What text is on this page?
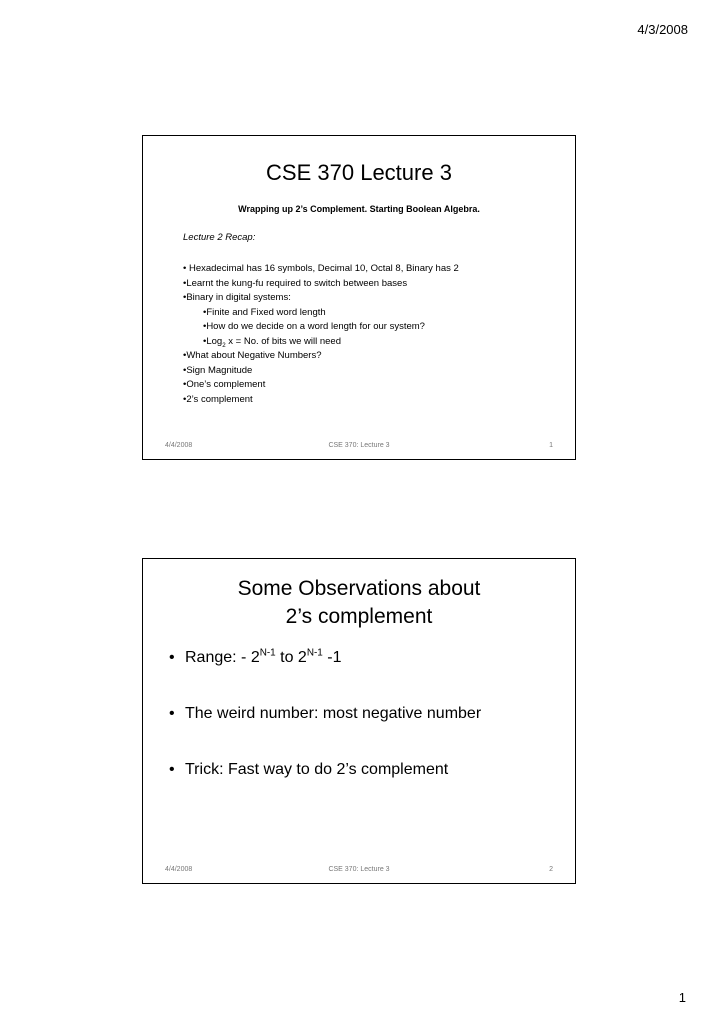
4/3/2008
CSE 370 Lecture 3
Wrapping up 2’s Complement. Starting Boolean Algebra.
Lecture 2 Recap:
• Hexadecimal has 16 symbols, Decimal 10, Octal 8, Binary has 2
•Learnt the kung-fu required to switch between bases
•Binary in digital systems:
•Finite and Fixed word length
•How do we decide on a word length for our system?
•Log$_2$ x = No. of bits we will need
•What about Negative Numbers?
•Sign Magnitude
•One’s complement
•2’s complement
4/4/2008	CSE 370: Lecture 3	1
Some Observations about
2’s complement
• Range: - $2^{N-1}$ to $2^{N-1}$ -1
• The weird number: most negative number
• Trick: Fast way to do 2’s complement
4/4/2008	CSE 370: Lecture 3	2
1
